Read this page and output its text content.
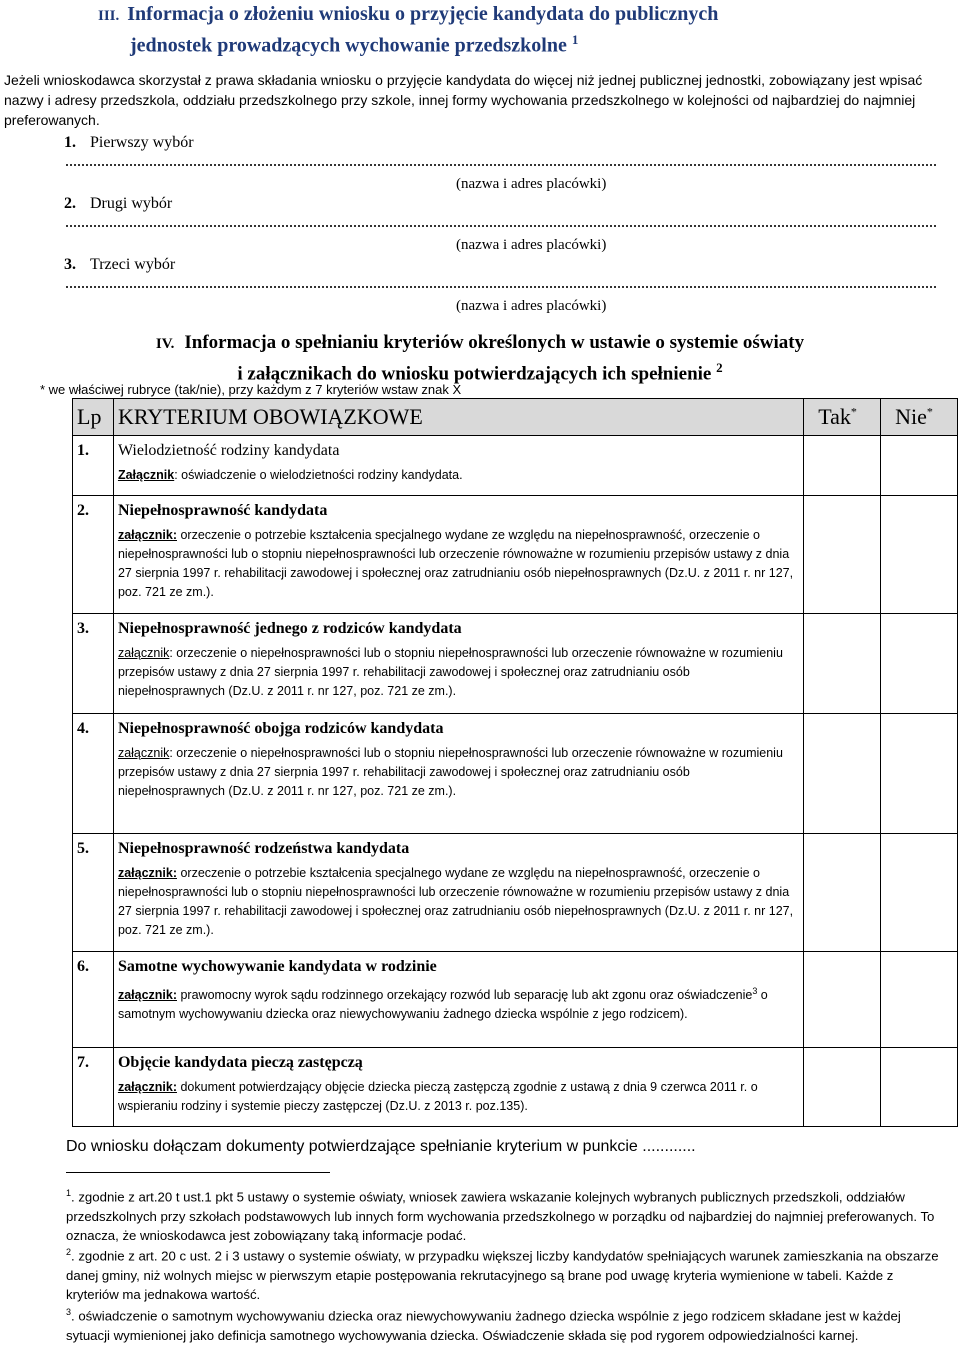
III. Informacja o złożeniu wniosku o przyjęcie kandydata do publicznych
jednostek prowadzących wychowanie przedszkolne $^1$
Jeżeli wnioskodawca skorzystał z prawa składania wniosku o przyjęcie kandydata do więcej niż jednej publicznej jednostki, zobowiązany jest wpisać nazwy i adresy przedszkola, oddziału przedszkolnego przy szkole, innej formy wychowania przedszkolnego w kolejności od najbardziej do najmniej preferowanych.
1. Pierwszy wybór
(nazwa i adres placówki)
2. Drugi wybór
(nazwa i adres placówki)
3. Trzeci wybór
(nazwa i adres placówki)
IV. Informacja o spełnianiu kryteriów określonych w ustawie o systemie oświaty
i załącznikach do wniosku potwierdzających ich spełnienie $^2$
* we właściwej rubryce (tak/nie), przy każdym z 7 kryteriów wstaw znak X
Lp	KRYTERIUM OBOWIĄZKOWE	Tak*	Nie*

1.	Wielodzietność rodziny kandydata
Załącznik: oświadczenie o wielodzietności rodziny kandydata.		

2.	Niepełnosprawność kandydata
załącznik: orzeczenie o potrzebie kształcenia specjalnego wydane ze względu na niepełnosprawność, orzeczenie o niepełnosprawności lub o stopniu niepełnosprawności lub orzeczenie równoważne w rozumieniu przepisów ustawy z dnia 27 sierpnia 1997 r. rehabilitacji zawodowej i społecznej oraz zatrudnianiu osób niepełnosprawnych (Dz.U. z 2011 r. nr 127, poz. 721 ze zm.).		

3.	Niepełnosprawność jednego z rodziców kandydata
załącznik: orzeczenie o niepełnosprawności lub o stopniu niepełnosprawności lub orzeczenie równoważne w rozumieniu przepisów ustawy z dnia 27 sierpnia 1997 r. rehabilitacji zawodowej i społecznej oraz zatrudnianiu osób niepełnosprawnych (Dz.U. z 2011 r. nr 127, poz. 721 ze zm.).		

4.	Niepełnosprawność obojga rodziców kandydata
załącznik: orzeczenie o niepełnosprawności lub o stopniu niepełnosprawności lub orzeczenie równoważne w rozumieniu przepisów ustawy z dnia 27 sierpnia 1997 r. rehabilitacji zawodowej i społecznej oraz zatrudnianiu osób niepełnosprawnych (Dz.U. z 2011 r. nr 127, poz. 721 ze zm.).		

5.	Niepełnosprawność rodzeństwa kandydata
załącznik: orzeczenie o potrzebie kształcenia specjalnego wydane ze względu na niepełnosprawność, orzeczenie o niepełnosprawności lub o stopniu niepełnosprawności lub orzeczenie równoważne w rozumieniu przepisów ustawy z dnia 27 sierpnia 1997 r. rehabilitacji zawodowej i społecznej oraz zatrudnianiu osób niepełnosprawnych (Dz.U. z 2011 r. nr 127, poz. 721 ze zm.).		

6.	Samotne wychowywanie kandydata w rodzinie
załącznik: prawomocny wyrok sądu rodzinnego orzekający rozwód lub separację lub akt zgonu oraz oświadczenie$^3$ o samotnym wychowywaniu dziecka oraz niewychowywaniu żadnego dziecka wspólnie z jego rodzicem).		

7.	Objęcie kandydata pieczą zastępczą
załącznik: dokument potwierdzający objęcie dziecka pieczą zastępczą zgodnie z ustawą z dnia 9 czerwca 2011 r. o wspieraniu rodziny i systemie pieczy zastępczej (Dz.U. z 2013 r. poz.135).		

Do wniosku dołączam dokumenty potwierdzające spełnianie kryterium w punkcie ............
$^1$. zgodnie z art.20 t ust.1 pkt 5 ustawy o systemie oświaty, wniosek zawiera wskazanie kolejnych wybranych publicznych przedszkoli, oddziałów przedszkolnych przy szkołach podstawowych lub innych form wychowania przedszkolnego w porządku od najbardziej do najmniej preferowanych. To oznacza, że wnioskodawca jest zobowiązany taką informacje podać.
$^2$. zgodnie z art. 20 c ust. 2 i 3 ustawy o systemie oświaty, w przypadku większej liczby kandydatów spełniających warunek zamieszkania na obszarze danej gminy, niż wolnych miejsc w pierwszym etapie postępowania rekrutacyjnego są brane pod uwagę kryteria wymienione w tabeli. Każde z kryteriów ma jednakowa wartość.
$^3$. oświadczenie o samotnym wychowywaniu dziecka oraz niewychowywaniu żadnego dziecka wspólnie z jego rodzicem składane jest w każdej sytuacji wymienionej jako definicja samotnego wychowywania dziecka. Oświadczenie składa się pod rygorem odpowiedzialności karnej.
